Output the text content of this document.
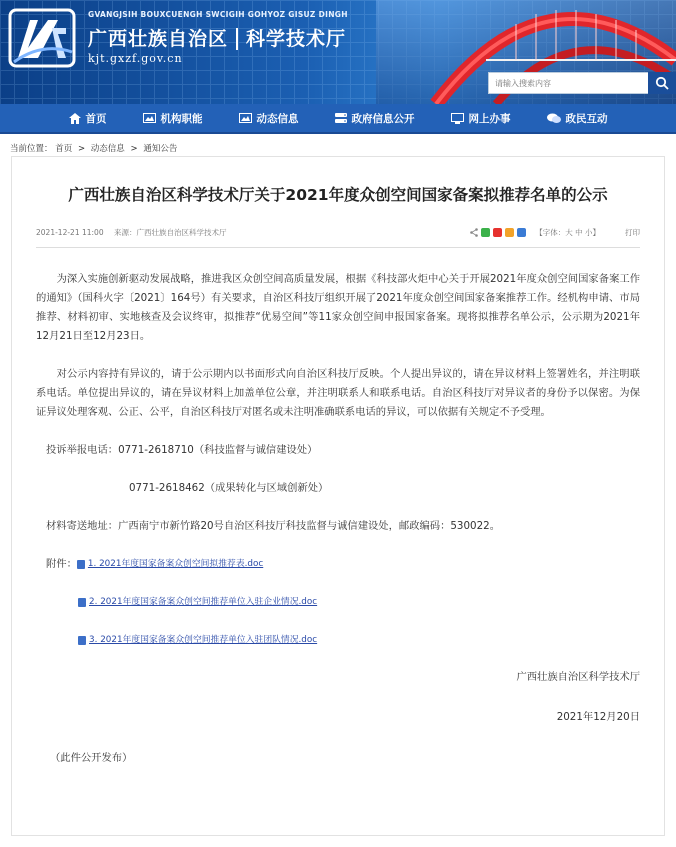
GVANGJSIH BOUXCUENGH SWCIGIH GOHYOZ GISUZ DINGH
广西壮族自治区 科学技术厅
kjt.gxzf.gov.cn
请输入搜索内容
首页	机构职能	动态信息	政府信息公开	网上办事	政民互动
当前位置： 首页 > 动态信息 > 通知公告
广西壮族自治区科学技术厅关于2021年度众创空间国家备案拟推荐名单的公示
2021-12-21 11:00 来源：广西壮族自治区科学技术厅	【字体：大 中 小】	打印

为深入实施创新驱动发展战略，推进我区众创空间高质量发展，根据《科技部火炬中心关于开展2021年度众创空间国家备案工作的通知》（国科火字〔2021〕164号）有关要求，自治区科技厅组织开展了2021年度众创空间国家备案推荐工作。经机构申请、市局推荐、材料初审、实地核查及会议终审，拟推荐“优易空间”等11家众创空间申报国家备案。现将拟推荐名单公示，公示期为2021年12月21日至12月23日。

对公示内容持有异议的，请于公示期内以书面形式向自治区科技厅反映。个人提出异议的，请在异议材料上签署姓名，并注明联系电话。单位提出异议的，请在异议材料上加盖单位公章，并注明联系人和联系电话。自治区科技厅对异议者的身份予以保密。为保证异议处理客观、公正、公平，自治区科技厅对匿名或未注明准确联系电话的异议，可以依据有关规定不予受理。

投诉举报电话：0771-2618710（科技监督与诚信建设处）
0771-2618462（成果转化与区域创新处）
材料寄送地址：广西南宁市新竹路20号自治区科技厅科技监督与诚信建设处，邮政编码：530022。
附件： 1. 2021年度国家备案众创空间拟推荐表.doc
2. 2021年度国家备案众创空间推荐单位入驻企业情况.doc
3. 2021年度国家备案众创空间推荐单位入驻团队情况.doc
广西壮族自治区科学技术厅
2021年12月20日
（此件公开发布）
